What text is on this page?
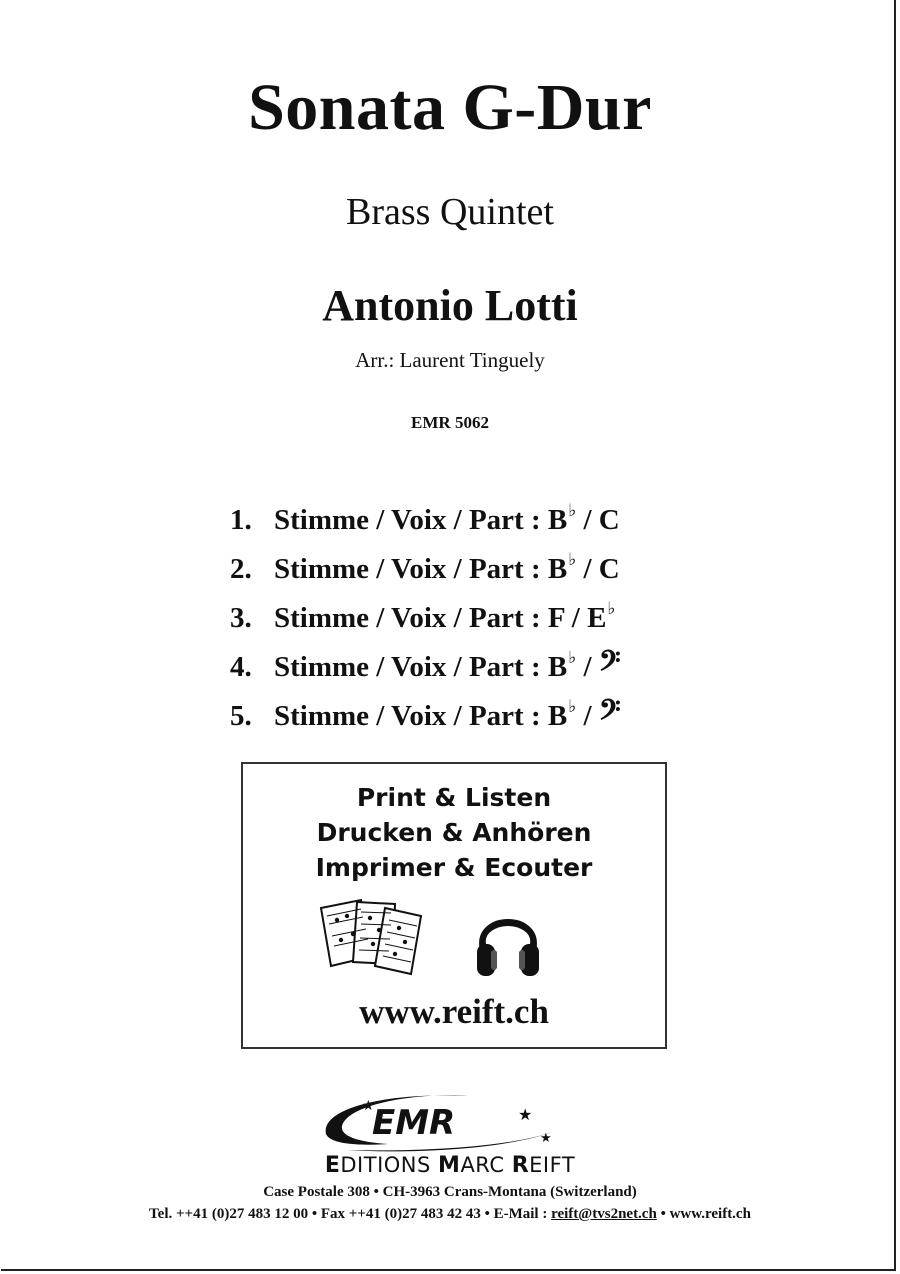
Sonata G-Dur
Brass Quintet
Antonio Lotti
Arr.: Laurent Tinguely
EMR 5062
1. Stimme / Voix / Part : B♭ / C
2. Stimme / Voix / Part : B♭ / C
3. Stimme / Voix / Part : F / E♭
4. Stimme / Voix / Part : B♭ / 𝄢
5. Stimme / Voix / Part : B♭ / 𝄢
Print & Listen
Drucken & Anhören
Imprimer & Ecouter
www.reift.ch
EMR
★	★
★
EDITIONS MARC REIFT
Case Postale 308 • CH-3963 Crans-Montana (Switzerland)
Tel. ++41 (0)27 483 12 00 • Fax ++41 (0)27 483 42 43 • E-Mail : reift@tvs2net.ch • www.reift.ch
